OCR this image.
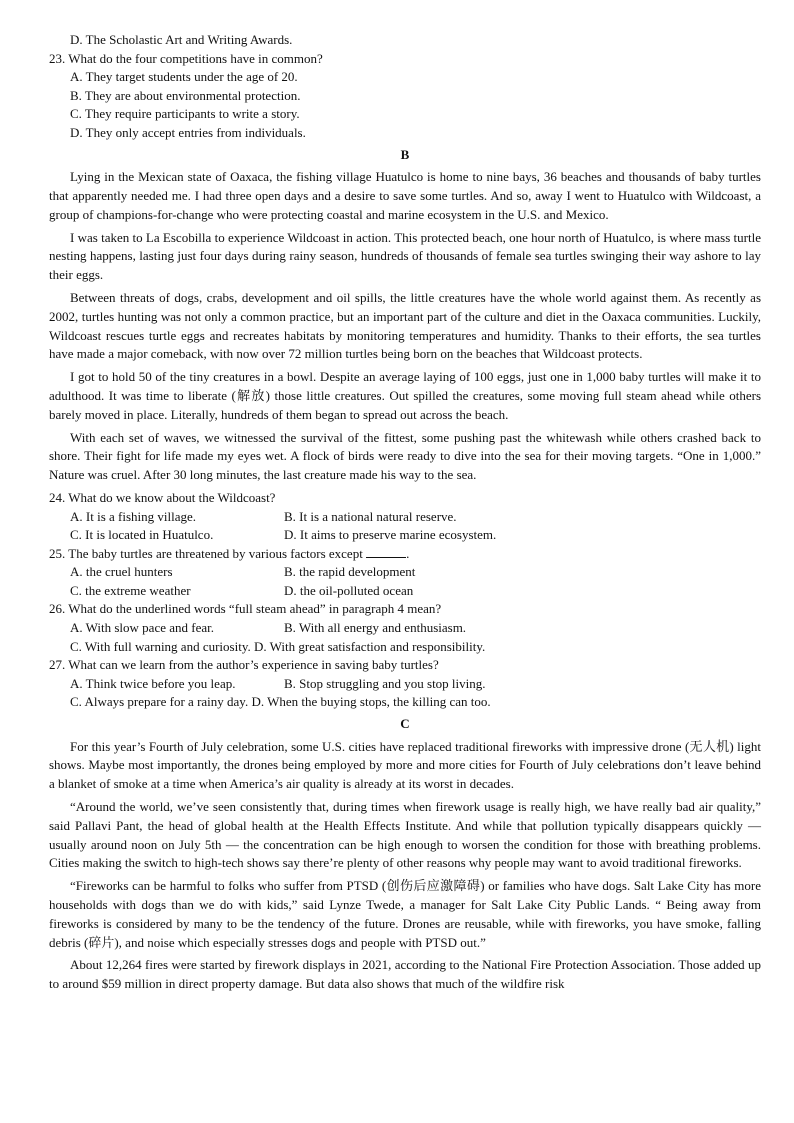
D. The Scholastic Art and Writing Awards.
23. What do the four competitions have in common?
A. They target students under the age of 20.
B. They are about environmental protection.
C. They require participants to write a story.
D. They only accept entries from individuals.
B

Lying in the Mexican state of Oaxaca, the fishing village Huatulco is home to nine bays, 36 beaches and thousands of baby turtles that apparently needed me. I had three open days and a desire to save some turtles. And so, away I went to Huatulco with Wildcoast, a group of champions-for-change who were protecting coastal and marine ecosystem in the U.S. and Mexico.

I was taken to La Escobilla to experience Wildcoast in action. This protected beach, one hour north of Huatulco, is where mass turtle nesting happens, lasting just four days during rainy season, hundreds of thousands of female sea turtles swinging their way ashore to lay their eggs.

Between threats of dogs, crabs, development and oil spills, the little creatures have the whole world against them. As recently as 2002, turtles hunting was not only a common practice, but an important part of the culture and diet in the Oaxaca communities. Luckily, Wildcoast rescues turtle eggs and recreates habitats by monitoring temperatures and humidity. Thanks to their efforts, the sea turtles have made a major comeback, with now over 72 million turtles being born on the beaches that Wildcoast protects.

I got to hold 50 of the tiny creatures in a bowl. Despite an average laying of 100 eggs, just one in 1,000 baby turtles will make it to adulthood. It was time to liberate (解放) those little creatures. Out spilled the creatures, some moving full steam ahead while others barely moved in place. Literally, hundreds of them began to spread out across the beach.

With each set of waves, we witnessed the survival of the fittest, some pushing past the whitewash while others crashed back to shore. Their fight for life made my eyes wet. A flock of birds were ready to dive into the sea for their moving targets. “One in 1,000.” Nature was cruel. After 30 long minutes, the last creature made his way to the sea.

24. What do we know about the Wildcoast?
A. It is a fishing village.	B. It is a national natural reserve.
C. It is located in Huatulco.	D. It aims to preserve marine ecosystem.
25. The baby turtles are threatened by various factors except	.
A. the cruel hunters	B. the rapid development
C. the extreme weather	D. the oil-polluted ocean
26. What do the underlined words “full steam ahead” in paragraph 4 mean?
A. With slow pace and fear.	B. With all energy and enthusiasm.
C. With full warning and curiosity.
D. With great satisfaction and responsibility.
27. What can we learn from the author’s experience in saving baby turtles?
A. Think twice before you leap.	B. Stop struggling and you stop living.
C. Always prepare for a rainy day.
D. When the buying stops, the killing can too.
C

For this year’s Fourth of July celebration, some U.S. cities have replaced traditional fireworks with impressive drone (无人机) light shows. Maybe most importantly, the drones being employed by more and more cities for Fourth of July celebrations don’t leave behind a blanket of smoke at a time when America’s air quality is already at its worst in decades.

“Around the world, we’ve seen consistently that, during times when firework usage is really high, we have really bad air quality,” said Pallavi Pant, the head of global health at the Health Effects Institute. And while that pollution typically disappears quickly — usually around noon on July 5th — the concentration can be high enough to worsen the condition for those with breathing problems. Cities making the switch to high-tech shows say there’re plenty of other reasons why people may want to avoid traditional fireworks.

“Fireworks can be harmful to folks who suffer from PTSD (创伤后应激障碍) or families who have dogs. Salt Lake City has more households with dogs than we do with kids,” said Lynze Twede, a manager for Salt Lake City Public Lands. “ Being away from fireworks is considered by many to be the tendency of the future. Drones are reusable, while with fireworks, you have smoke, falling debris (碎片), and noise which especially stresses dogs and people with PTSD out.”

About 12,264 fires were started by firework displays in 2021, according to the National Fire Protection Association. Those added up to around $59 million in direct property damage. But data also shows that much of the wildfire risk
